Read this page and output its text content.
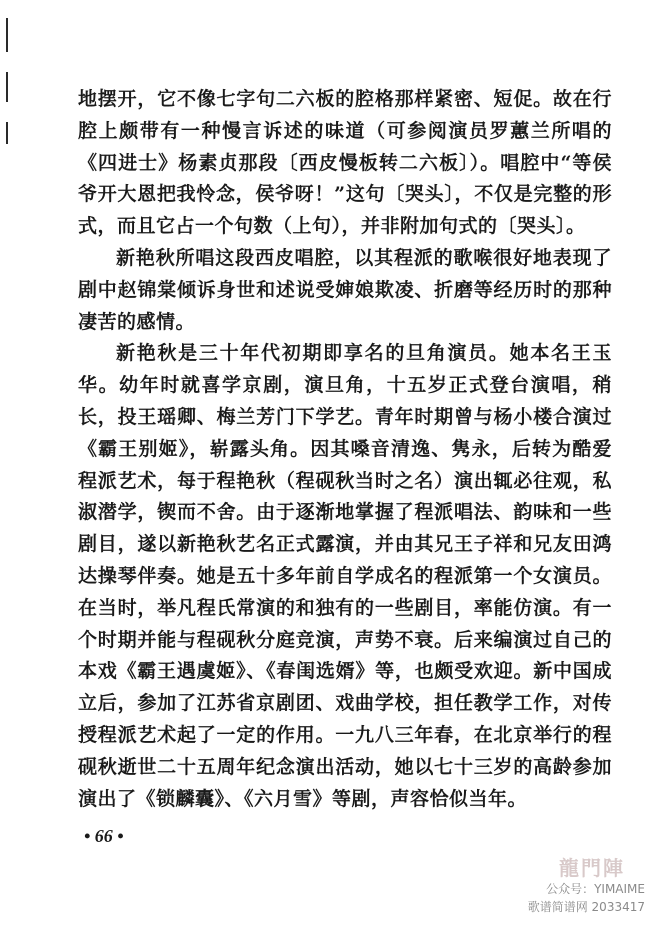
地摆开，它不像七字句二六板的腔格那样紧密、短促。故在行腔上颇带有一种慢言诉述的味道（可参阅演员罗蕙兰所唱的《四进士》杨素贞那段〔西皮慢板转二六板〕）。唱腔中“等侯爷开大恩把我怜念，侯爷呀！”这句〔哭头〕，不仅是完整的形式，而且它占一个句数（上句），并非附加句式的〔哭头〕。

新艳秋所唱这段西皮唱腔，以其程派的歌喉很好地表现了剧中赵锦棠倾诉身世和述说受婶娘欺凌、折磨等经历时的那种凄苦的感情。

新艳秋是三十年代初期即享名的旦角演员。她本名王玉华。幼年时就喜学京剧，演旦角，十五岁正式登台演唱，稍长，投王瑶卿、梅兰芳门下学艺。青年时期曾与杨小楼合演过《霸王别姬》，崭露头角。因其嗓音清逸、隽永，后转为酷爱程派艺术，每于程艳秋（程砚秋当时之名）演出辄必往观，私淑潜学，锲而不舍。由于逐渐地掌握了程派唱法、韵味和一些剧目，遂以新艳秋艺名正式露演，并由其兄王子祥和兄友田鸿达操琴伴奏。她是五十多年前自学成名的程派第一个女演员。在当时，举凡程氏常演的和独有的一些剧目，率能仿演。有一个时期并能与程砚秋分庭竞演，声势不衰。后来编演过自己的本戏《霸王遇虞姬》、《春闺选婿》等，也颇受欢迎。新中国成立后，参加了江苏省京剧团、戏曲学校，担任教学工作，对传授程派艺术起了一定的作用。一九八三年春，在北京举行的程砚秋逝世二十五周年纪念演出活动，她以七十三岁的高龄参加演出了《锁麟囊》、《六月雪》等剧，声容恰似当年。

• 66 •
龍門陣
公众号：YIMAIME
歌谱简谱网 2033417
